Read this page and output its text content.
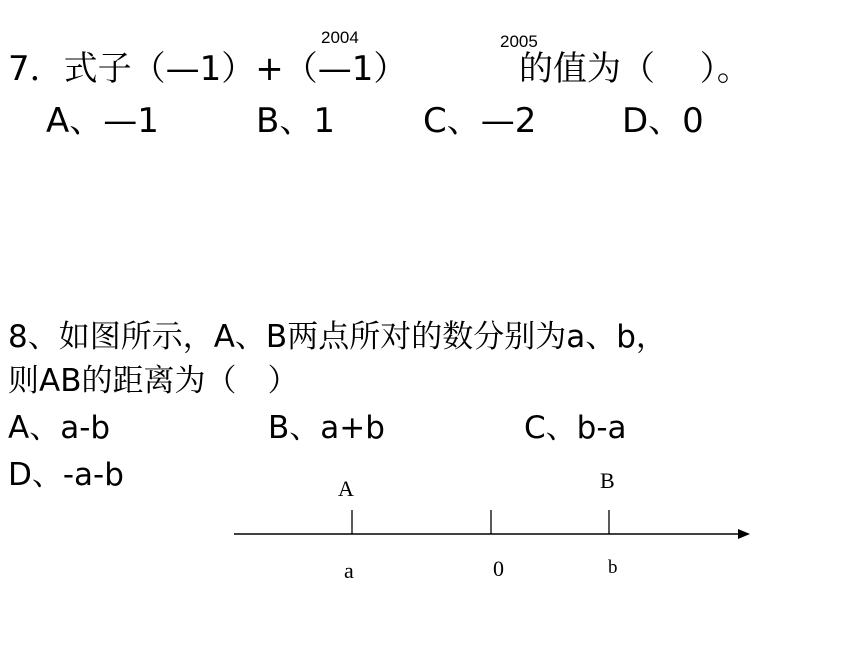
7．式子（—1）+（—1）
2004	2005
的值为（　 ）。
A、—1	B、1	C、—2	D、0
8、如图所示，A、B两点所对的数分别为a、b，
则AB的距离为（　）
A、a-b	B、a+b	C、b-a
D、-a-b	A	B
a	0	b
